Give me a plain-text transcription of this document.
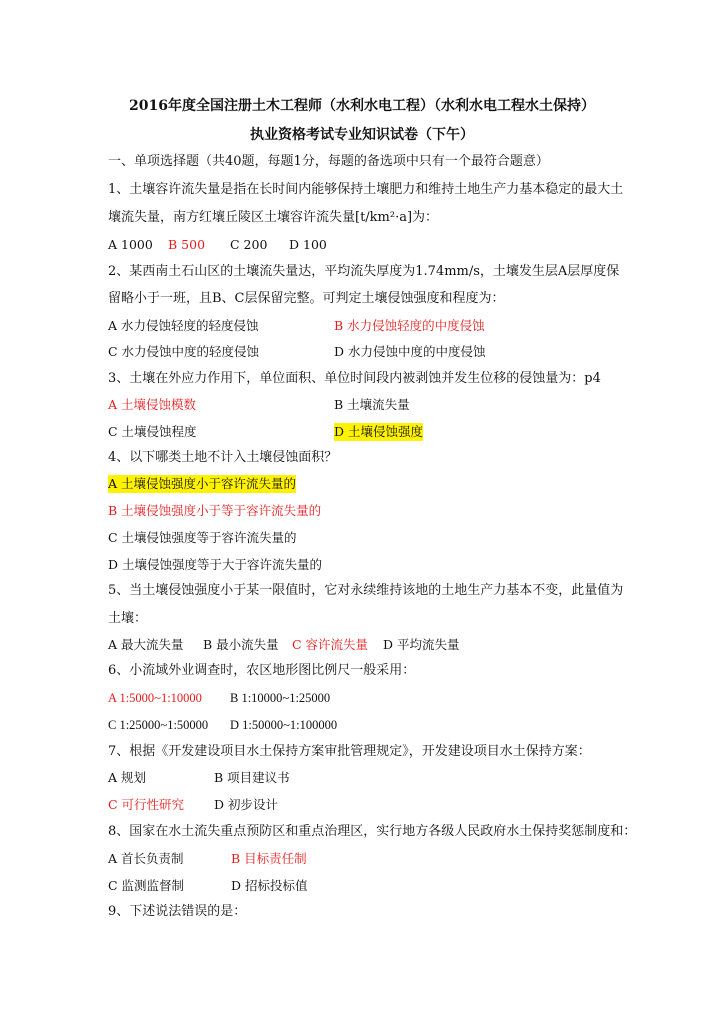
2016年度全国注册土木工程师（水利水电工程）（水利水电工程水土保持）
执业资格考试专业知识试卷（下午）
一、单项选择题（共40题，每题1分，每题的备选项中只有一个最符合题意）
1、土壤容许流失量是指在长时间内能够保持土壤肥力和维持土地生产力基本稳定的最大土
壤流失量，南方红壤丘陵区土壤容许流失量[t/km²·a]为：
A 1000 B 500 C 200 D 100
2、某西南土石山区的土壤流失量达，平均流失厚度为1.74mm/s，土壤发生层A层厚度保
留略小于一班，且B、C层保留完整。可判定土壤侵蚀强度和程度为：
A 水力侵蚀轻度的轻度侵蚀	B 水力侵蚀轻度的中度侵蚀
C 水力侵蚀中度的轻度侵蚀	D 水力侵蚀中度的中度侵蚀
3、土壤在外应力作用下，单位面积、单位时间段内被剥蚀并发生位移的侵蚀量为：p4
A 土壤侵蚀模数	B 土壤流失量
C 土壤侵蚀程度	D 土壤侵蚀强度
4、以下哪类土地不计入土壤侵蚀面积？
A 土壤侵蚀强度小于容许流失量的
B 土壤侵蚀强度小于等于容许流失量的
C 土壤侵蚀强度等于容许流失量的
D 土壤侵蚀强度等于大于容许流失量的
5、当土壤侵蚀强度小于某一限值时，它对永续维持该地的土地生产力基本不变，此量值为
土壤：
A 最大流失量 B 最小流失量 C 容许流失量 D 平均流失量
6、小流域外业调查时，农区地形图比例尺一般采用：
A 1:5000~1:10000 B 1:10000~1:25000
C 1:25000~1:50000 D 1:50000~1:100000
7、根据《开发建设项目水土保持方案审批管理规定》，开发建设项目水土保持方案：
A 规划	B 项目建议书
C 可行性研究 D 初步设计
8、国家在水土流失重点预防区和重点治理区，实行地方各级人民政府水土保持奖惩制度和：
A 首长负责制	B 目标责任制
C 监测监督制	D 招标投标值
9、下述说法错误的是：
